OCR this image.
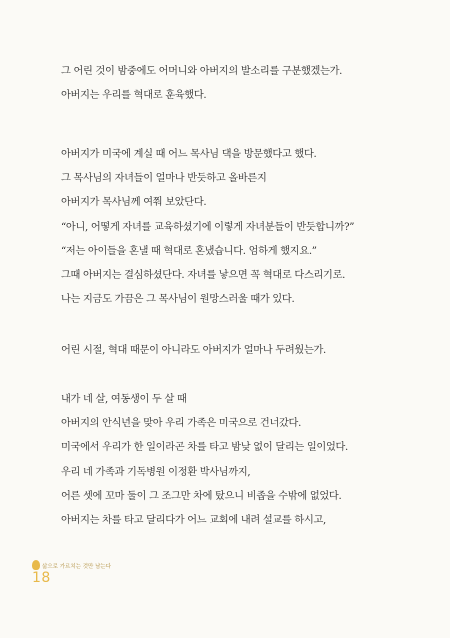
그 어린 것이 밤중에도 어머니와 아버지의 발소리를 구분했겠는가.
아버지는 우리를 혁대로 훈육했다.
아버지가 미국에 계실 때 어느 목사님 댁을 방문했다고 했다.
그 목사님의 자녀들이 얼마나 반듯하고 올바른지
아버지가 목사님께 여쭤 보았단다.
“아니, 어떻게 자녀를 교육하셨기에 이렇게 자녀분들이 반듯합니까?”
“저는 아이들을 혼낼 때 혁대로 혼냈습니다. 엄하게 했지요.”
그때 아버지는 결심하셨단다. 자녀를 낳으면 꼭 혁대로 다스리기로.
나는 지금도 가끔은 그 목사님이 원망스러울 때가 있다.
어린 시절, 혁대 때문이 아니라도 아버지가 얼마나 두려웠는가.
내가 네 살, 여동생이 두 살 때
아버지의 안식년을 맞아 우리 가족은 미국으로 건너갔다.
미국에서 우리가 한 일이라곤 차를 타고 밤낮 없이 달리는 일이었다.
우리 네 가족과 기독병원 이정환 박사님까지,
어른 셋에 꼬마 둘이 그 조그만 차에 탔으니 비좁을 수밖에 없었다.
아버지는 차를 타고 달리다가 어느 교회에 내려 설교를 하시고,
삶으로 가르치는 것만 남는다
18
